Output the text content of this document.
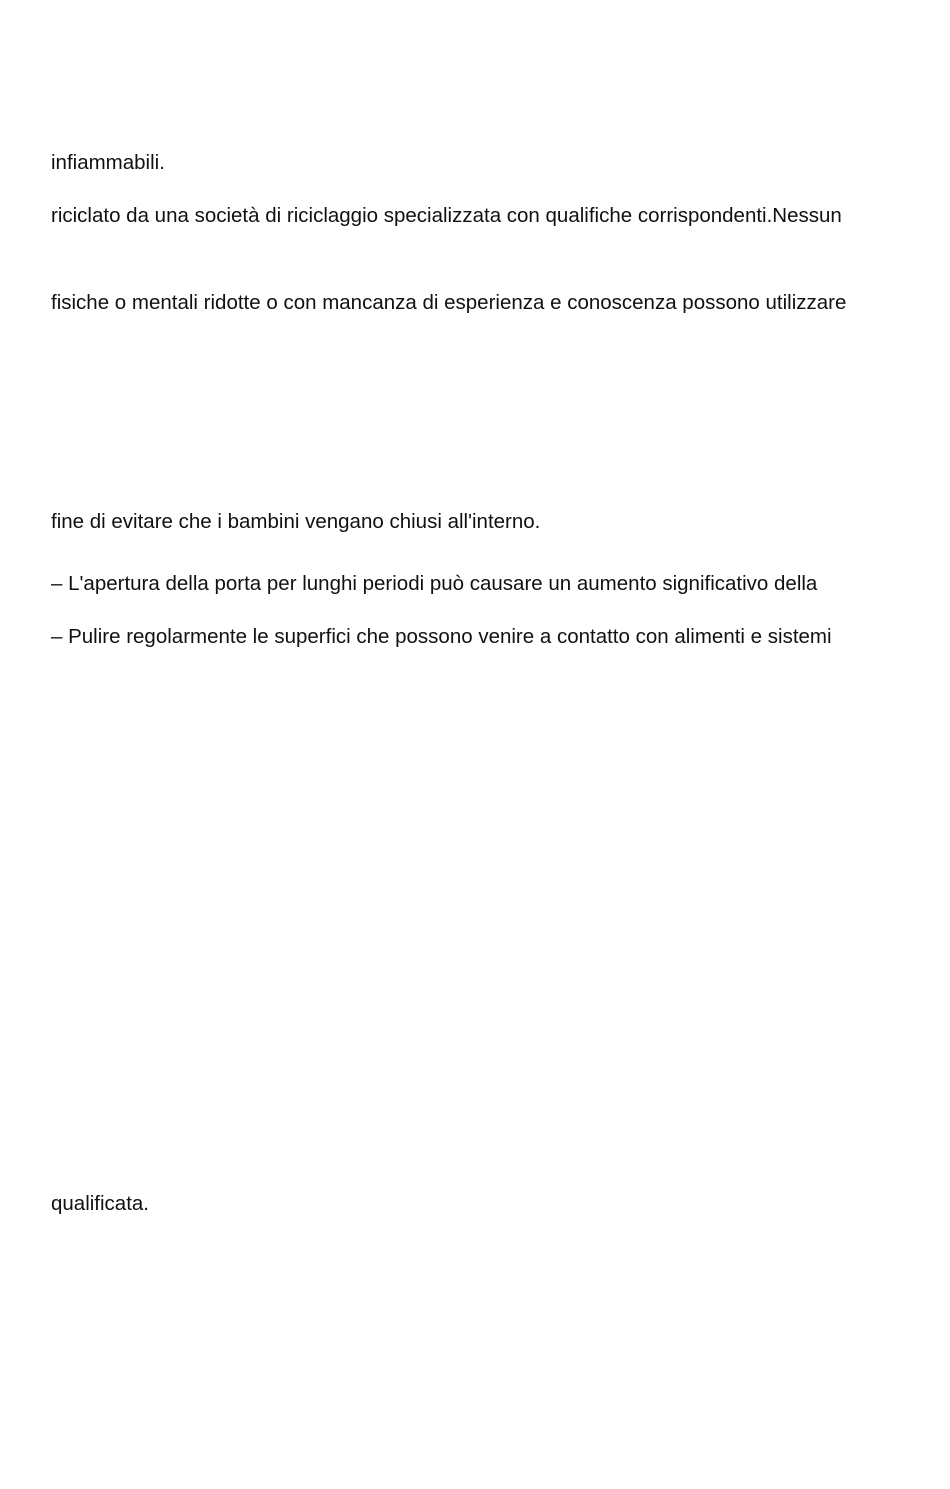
infiammabili.

riciclato da una società di riciclaggio specializzata con qualifiche corrispondenti.Nessun

fisiche o mentali ridotte o con mancanza di esperienza e conoscenza possono utilizzare

fine di evitare che i bambini vengano chiusi all'interno.

– L'apertura della porta per lunghi periodi può causare un aumento significativo della

– Pulire regolarmente le superfici che possono venire a contatto con alimenti e sistemi

qualificata.
